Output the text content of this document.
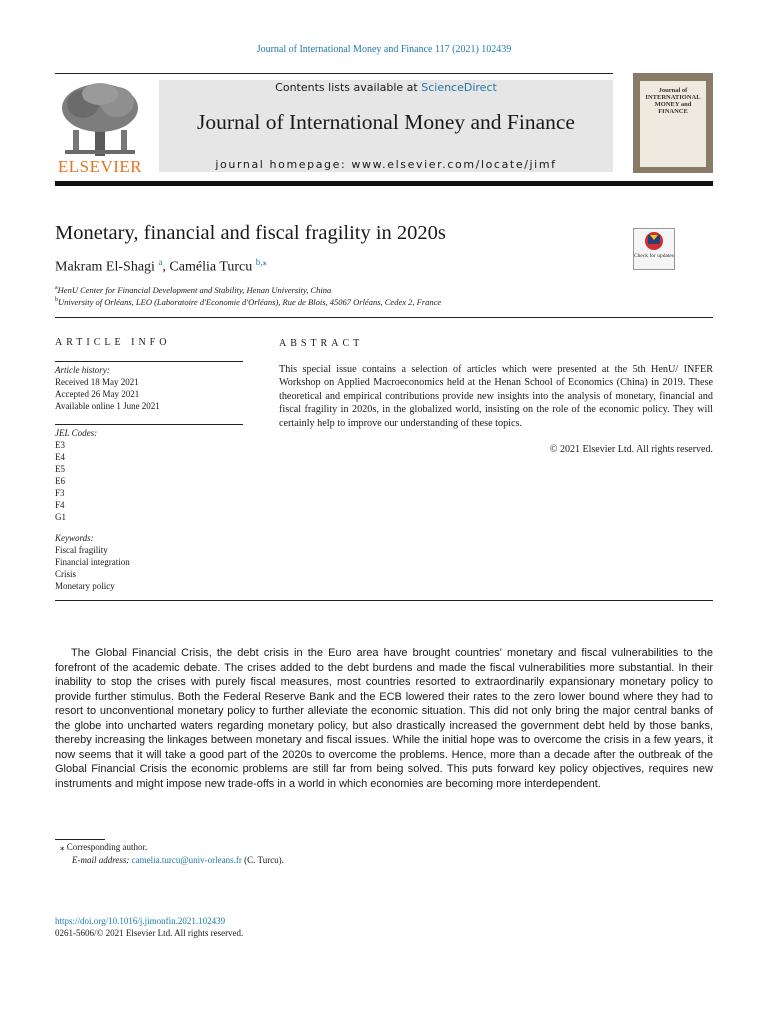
Journal of International Money and Finance 117 (2021) 102439
ELSEVIER
Contents lists available at ScienceDirect
Journal of International Money and Finance
journal homepage: www.elsevier.com/locate/jimf
Journal of INTERNATIONAL MONEY and FINANCE
Monetary, financial and fiscal fragility in 2020s
Check for updates
Makram El-Shagi $^a$, Camélia Turcu $^{b,⁎}$
$^a$HenU Center for Financial Development and Stability, Henan University, China
$^b$University of Orléans, LEO (Laboratoire d'Economie d'Orléans), Rue de Blois, 45067 Orléans, Cedex 2, France
ARTICLE INFO
Article history:
Received 18 May 2021
Accepted 26 May 2021
Available online 1 June 2021
JEL Codes:
E3
E4
E5
E6
F3
F4
G1
Keywords:
Fiscal fragility
Financial integration
Crisis
Monetary policy
ABSTRACT
This special issue contains a selection of articles which were presented at the 5th HenU/ INFER Workshop on Applied Macroeconomics held at the Henan School of Economics (China) in 2019. These theoretical and empirical contributions provide new insights into the analysis of monetary, financial and fiscal fragility in 2020s, in the globalized world, insisting on the role of the economic policy. They will certainly help to improve our understanding of these topics.
© 2021 Elsevier Ltd. All rights reserved.
The Global Financial Crisis, the debt crisis in the Euro area have brought countries' monetary and fiscal vulnerabilities to the forefront of the academic debate. The crises added to the debt burdens and made the fiscal vulnerabilities more substantial. In their inability to stop the crises with purely fiscal measures, most countries resorted to extraordinarily expansionary monetary policy to provide further stimulus. Both the Federal Reserve Bank and the ECB lowered their rates to the zero lower bound where they had to resort to unconventional monetary policy to further alleviate the economic situation. This did not only bring the major central banks of the globe into uncharted waters regarding monetary policy, but also drastically increased the government debt held by those banks, thereby increasing the linkages between monetary and fiscal issues. While the initial hope was to overcome the crisis in a few years, it now seems that it will take a good part of the 2020s to overcome the problems. Hence, more than a decade after the outbreak of the Global Financial Crisis the economic problems are still far from being solved. This puts forward key policy objectives, requires new instruments and might impose new trade-offs in a world in which economies are becoming more interdependent.
⁎ Corresponding author.
E-mail address: camelia.turcu@univ-orleans.fr (C. Turcu).
https://doi.org/10.1016/j.jimonfin.2021.102439
0261-5606/© 2021 Elsevier Ltd. All rights reserved.
